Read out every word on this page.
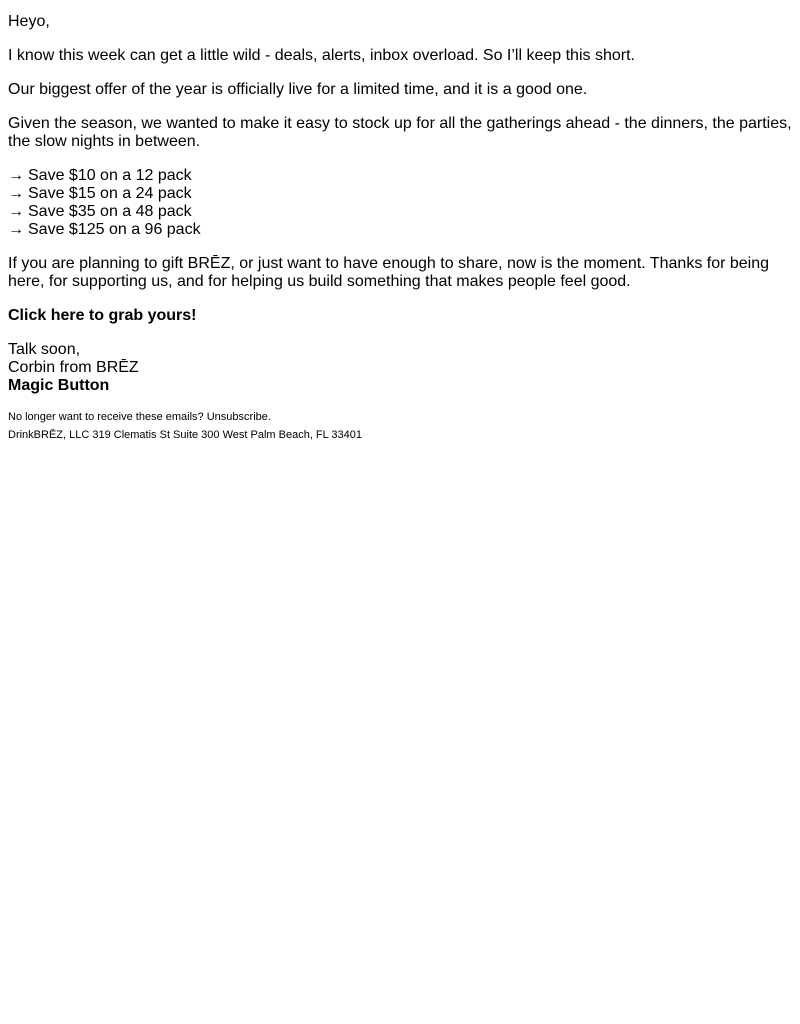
Heyo,

I know this week can get a little wild - deals, alerts, inbox overload. So I’ll keep this short.

Our biggest offer of the year is officially live for a limited time, and it is a good one.

Given the season, we wanted to make it easy to stock up for all the gatherings ahead - the dinners, the parties, the slow nights in between.

→ Save $10 on a 12 pack
→ Save $15 on a 24 pack
→ Save $35 on a 48 pack
→ Save $125 on a 96 pack

If you are planning to gift BRĒZ, or just want to have enough to share, now is the moment. Thanks for being here, for supporting us, and for helping us build something that makes people feel good.

Click here to grab yours!

Talk soon,
Corbin from BRĒZ
Magic Button
No longer want to receive these emails? Unsubscribe.
DrinkBRĒZ, LLC 319 Clematis St Suite 300 West Palm Beach, FL 33401
